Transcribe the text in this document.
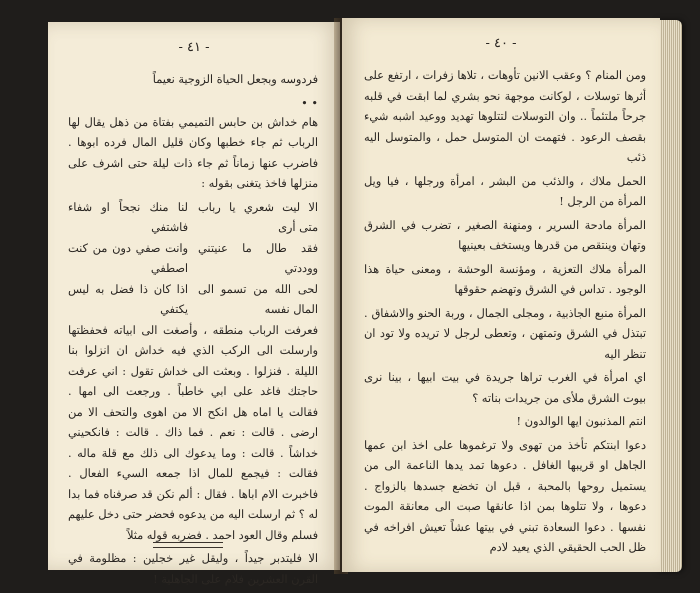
- ٤١ -

فردوسه وبجعل الحياة الزوجية نعيماً

• •

هام خداش بن حابس التميمي بفتاة من ذهل يقال لها الرباب ثم جاء خطبها وكان قليل المال فرده ابوها . فاضرب عنها زماناً ثم جاء ذات ليلة حتى اشرف على منزلها فاخذ يتغنى بقوله :

الا ليت شعري يا رباب متى أرى
لنا منك نجحاً او شفاء فاشتفي
فقد طال ما عنيتني ووددتي
وانت صفي دون من كنت اصطفي
لحى الله من تسمو الى المال نفسه
اذا كان ذا فضل به ليس يكتفي

فعرفت الرباب منطقه ، وأصغت الى ابياته فحفظتها وارسلت الى الركب الذي فيه خداش ان انزلوا بنا الليلة . فنزلوا . وبعثت الى خداش تقول : اني عرفت حاجتك فاغد على ابي خاطباً . ورجعت الى امها . فقالت يا اماه هل انكح الا من اهوى والتحف الا من ارضى . قالت : نعم . فما ذاك . قالت : فانكحيني خداشاً . قالت : وما يدعوك الى ذلك مع قلة ماله . فقالت : فيجمع للمال اذا جمعه السيء الفعال . فاخبرت الام اباها . فقال : ألم نكن قد صرفناه فما بدا له ؟ ثم ارسلت اليه من يدعوه فحضر حتى دخل عليهم فسلم وقال العود احمد . فضربه قوله مثلاً

الا فليتدبر جيداً ، وليقل غير خجلين : مظلومة في القرن العشرين فلام على الجاهلية !

- ٤٠ -

ومن المنام ؟ وعقب الانين تأوهات ، تلاها زفرات ، ارتفع على أثرها توسلات ، لوكانت موجهة نحو بشري لما ابقت في قلبه جرحاً ملتئماً .. وان التوسلات لتتلوها تهديد ووعيد اشبه شيء بقصف الرعود . فتهمت ان المتوسل حمل ، والمتوسل اليه ذئب

الحمل ملاك ، والذئب من البشر ، امرأة ورجلها ، فيا ويل المرأة من الرجل !

المرأة مادحة السرير ، ومنهنة الصغير ، تضرب في الشرق وتهان وينتقص من قدرها ويستخف بعينيها

المرأة ملاك التعزية ، ومؤنسة الوحشة ، ومعنى حياة هذا الوجود . تداس في الشرق وتهضم حقوقها

المرأة منبع الجاذبية ، ومجلى الجمال ، وربة الحنو والاشفاق . تبتذل في الشرق وتمتهن ، وتعطى لرجل لا تريده ولا تود ان تنظر اليه

اي امرأة في الغرب تراها جريدة في بيت ابيها ، بينا نرى بيوت الشرق ملأى من جريدات بناته ؟

انتم المذنبون ايها الوالدون !

دعوا ابنتكم تأخذ من تهوى ولا ترغموها على اخذ ابن عمها الجاهل او قريبها الغافل . دعوها تمد يدها الناعمة الى من يستميل روحها بالمحبة ، قبل ان تخضع جسدها بالزواج . دعوها ، ولا تتلوها بمن اذا عانقها صبت الى معانقة الموت نفسها . دعوا السعادة تبني في بيتها عشاً تعيش افراخه في ظل الحب الحقيقي الذي يعيد لادم
